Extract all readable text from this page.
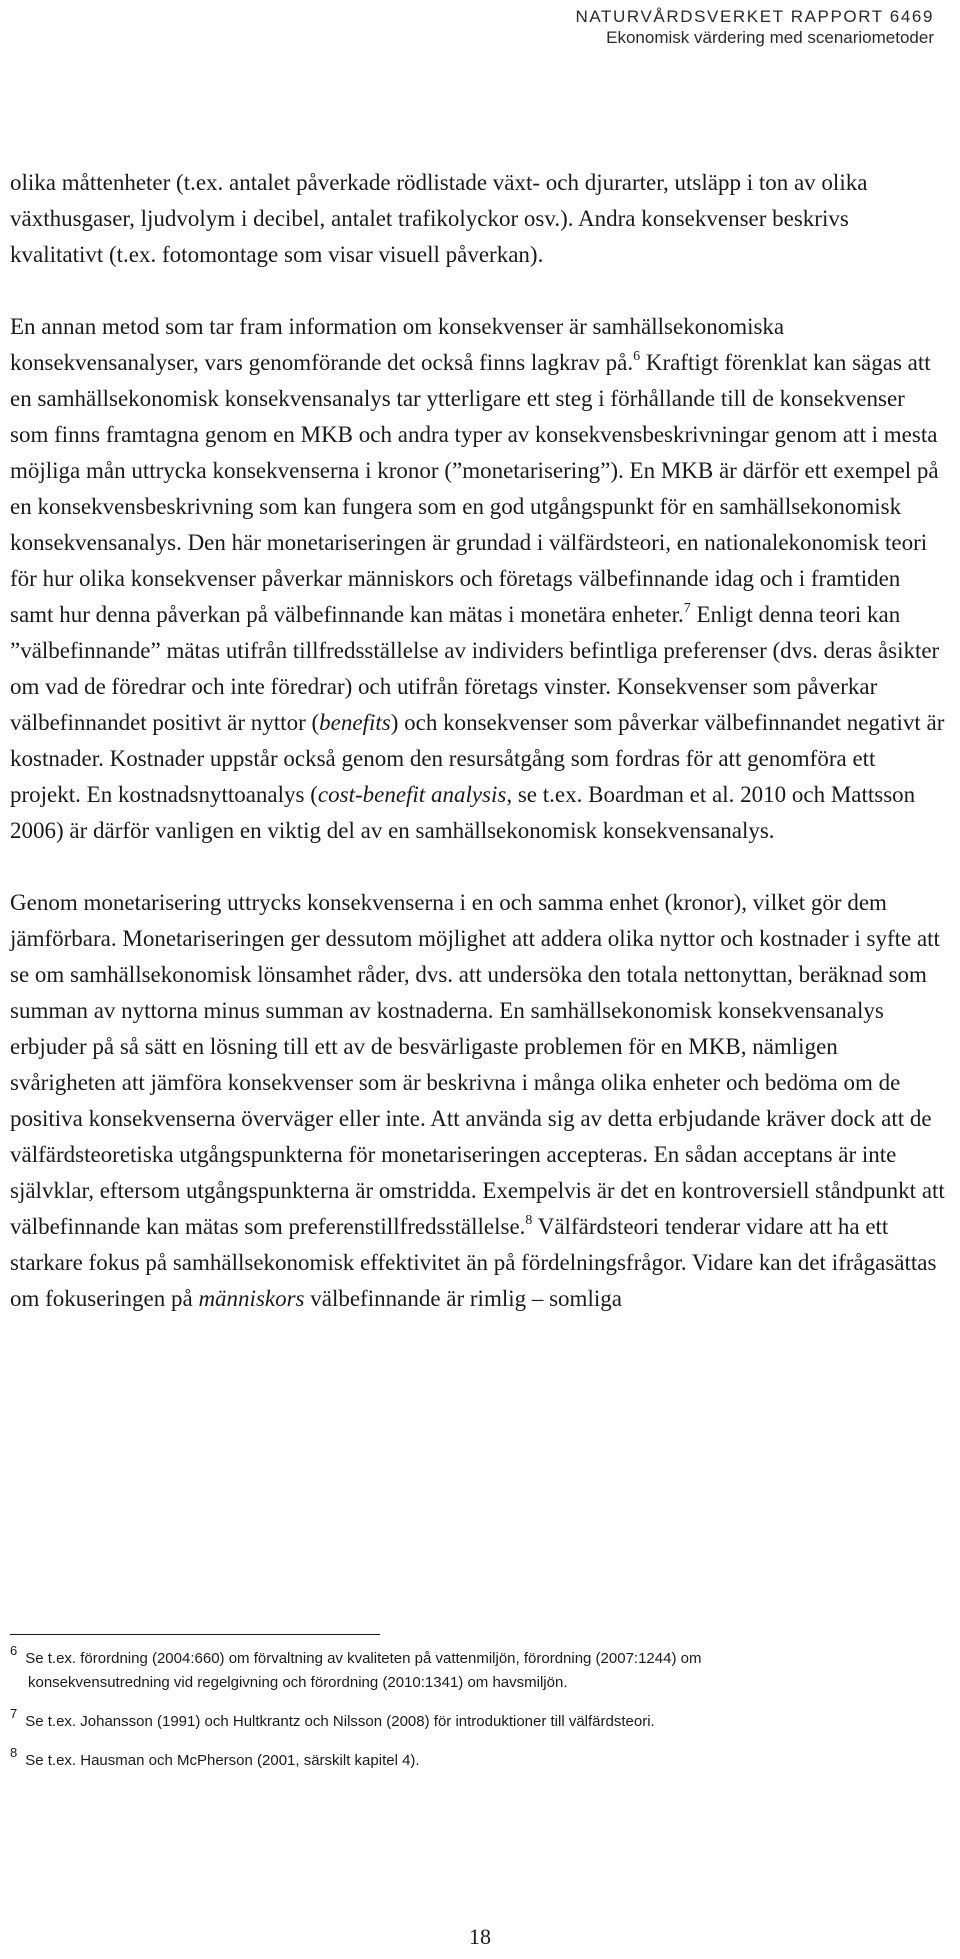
NATURVÅRDSVERKET RAPPORT 6469
Ekonomisk värdering med scenariometoder

olika måttenheter (t.ex. antalet påverkade rödlistade växt- och djurarter, utsläpp i ton av olika växthusgaser, ljudvolym i decibel, antalet trafikolyckor osv.). Andra konsekvenser beskrivs kvalitativt (t.ex. fotomontage som visar visuell påverkan).

En annan metod som tar fram information om konsekvenser är samhällsekonomiska konsekvensanalyser, vars genomförande det också finns lagkrav på.$^6$ Kraftigt förenklat kan sägas att en samhällsekonomisk konsekvensanalys tar ytterligare ett steg i förhållande till de konsekvenser som finns framtagna genom en MKB och andra typer av konsekvensbeskrivningar genom att i mesta möjliga mån uttrycka konsekvenserna i kronor (”monetarisering”). En MKB är därför ett exempel på en konsekvensbeskrivning som kan fungera som en god utgångspunkt för en samhällsekonomisk konsekvensanalys. Den här monetariseringen är grundad i välfärdsteori, en nationalekonomisk teori för hur olika konsekvenser påverkar människors och företags välbefinnande idag och i framtiden samt hur denna påverkan på välbefinnande kan mätas i monetära enheter.$^7$ Enligt denna teori kan ”välbefinnande” mätas utifrån tillfredsställelse av individers befintliga preferenser (dvs. deras åsikter om vad de föredrar och inte föredrar) och utifrån företags vinster. Konsekvenser som påverkar välbefinnandet positivt är nyttor (benefits) och konsekvenser som påverkar välbefinnandet negativt är kostnader. Kostnader uppstår också genom den resursåtgång som fordras för att genomföra ett projekt. En kostnadsnyttoanalys (cost-benefit analysis, se t.ex. Boardman et al. 2010 och Mattsson 2006) är därför vanligen en viktig del av en samhällsekonomisk konsekvensanalys.

Genom monetarisering uttrycks konsekvenserna i en och samma enhet (kronor), vilket gör dem jämförbara. Monetariseringen ger dessutom möjlighet att addera olika nyttor och kostnader i syfte att se om samhällsekonomisk lönsamhet råder, dvs. att undersöka den totala nettonyttan, beräknad som summan av nyttorna minus summan av kostnaderna. En samhällsekonomisk konsekvensanalys erbjuder på så sätt en lösning till ett av de besvärligaste problemen för en MKB, nämligen svårigheten att jämföra konsekvenser som är beskrivna i många olika enheter och bedöma om de positiva konsekvenserna överväger eller inte. Att använda sig av detta erbjudande kräver dock att de välfärdsteoretiska utgångspunkterna för monetariseringen accepteras. En sådan acceptans är inte självklar, eftersom utgångspunkterna är omstridda. Exempelvis är det en kontroversiell ståndpunkt att välbefinnande kan mätas som preferenstillfredsställelse.$^8$ Välfärdsteori tenderar vidare att ha ett starkare fokus på samhällsekonomisk effektivitet än på fördelningsfrågor. Vidare kan det ifrågasättas om fokuseringen på människors välbefinnande är rimlig – somliga

$^6$ Se t.ex. förordning (2004:660) om förvaltning av kvaliteten på vattenmiljön, förordning (2007:1244) om
konsekvensutredning vid regelgivning och förordning (2010:1341) om havsmiljön.
$^7$ Se t.ex. Johansson (1991) och Hultkrantz och Nilsson (2008) för introduktioner till välfärdsteori.
$^8$ Se t.ex. Hausman och McPherson (2001, särskilt kapitel 4).
18
